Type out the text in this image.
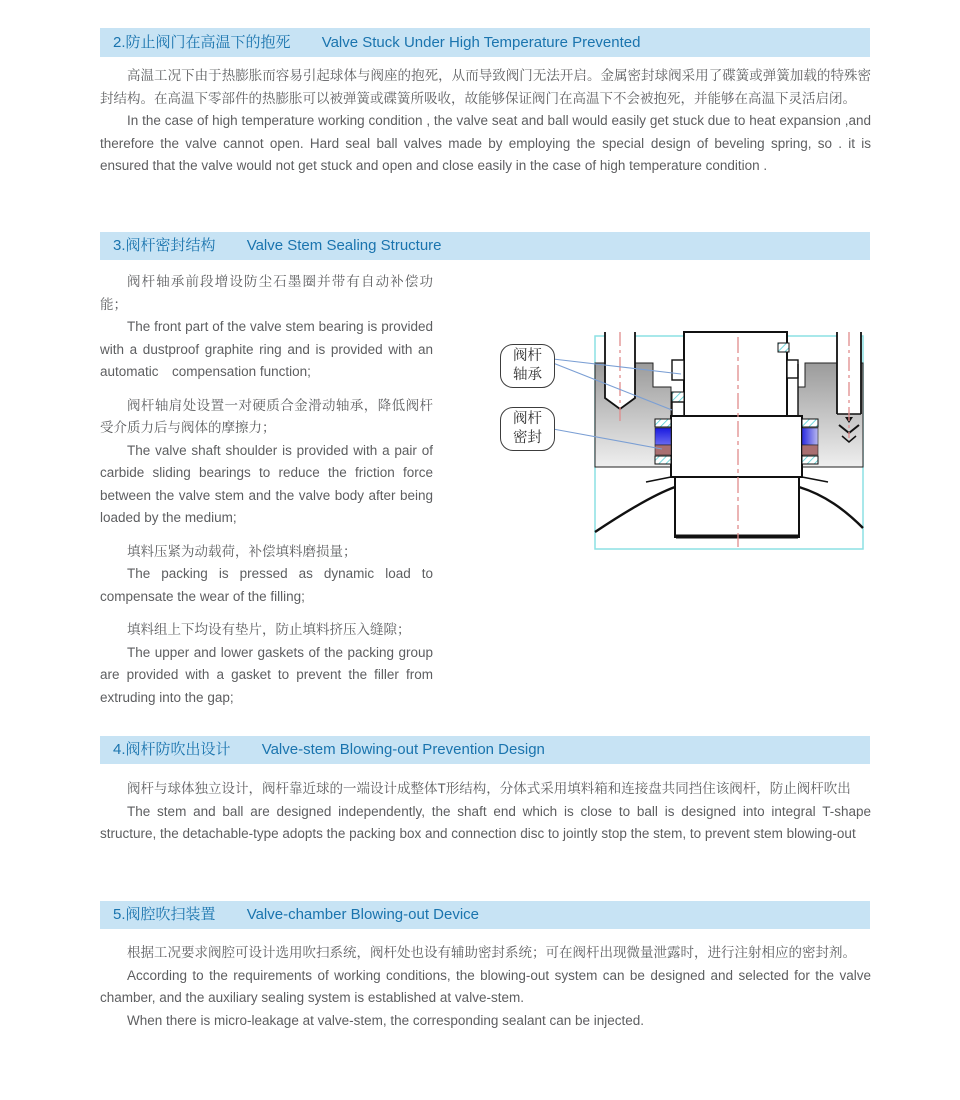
2.防止阀门在高温下的抱死 Valve Stuck Under High Temperature Prevented

高温工况下由于热膨胀而容易引起球体与阀座的抱死，从而导致阀门无法开启。金属密封球阀采用了碟簧或弹簧加载的特殊密封结构。在高温下零部件的热膨胀可以被弹簧或碟簧所吸收，故能够保证阀门在高温下不会被抱死，并能够在高温下灵活启闭。

In the case of high temperature working condition , the valve seat and ball would easily get stuck due to heat expansion ,and therefore the valve cannot open. Hard seal ball valves made by employing the special design of beveling spring, so . it is ensured that the valve would not get stuck and open and close easily in the case of high temperature condition .

3.阀杆密封结构 Valve Stem Sealing Structure

阀杆轴承前段增设防尘石墨圈并带有自动补偿功能；

The front part of the valve stem bearing is provided with a dustproof graphite ring and is provided with an automatic  compensation function;

阀杆轴肩处设置一对硬质合金滑动轴承，降低阀杆受介质力后与阀体的摩擦力；

The valve shaft shoulder is provided with a pair of carbide sliding bearings to reduce the friction force between the valve stem and the valve body after being loaded by the medium;

填料压紧为动载荷，补偿填料磨损量；

The packing is pressed as dynamic load to compensate the wear of the filling;

填料组上下均设有垫片，防止填料挤压入缝隙；

The upper and lower gaskets of the packing group are provided with a gasket to prevent the filler from extruding into the gap;

阀杆
轴承
阀杆
密封
4.阀杆防吹出设计 Valve-stem Blowing-out Prevention Design

阀杆与球体独立设计，阀杆靠近球的一端设计成整体T形结构，分体式采用填料箱和连接盘共同挡住该阀杆，防止阀杆吹出

The stem and ball are designed independently, the shaft end which is close to ball is designed into integral T-shape structure, the detachable-type adopts the packing box and connection disc to jointly stop the stem, to prevent stem blowing-out

5.阀腔吹扫装置 Valve-chamber Blowing-out Device

根据工况要求阀腔可设计选用吹扫系统，阀杆处也设有辅助密封系统；可在阀杆出现微量泄露时，进行注射相应的密封剂。

According to the requirements of working conditions, the blowing-out system can be designed and selected for the valve chamber, and the auxiliary sealing system is established at valve-stem.

When there is micro-leakage at valve-stem, the corresponding sealant can be injected.
